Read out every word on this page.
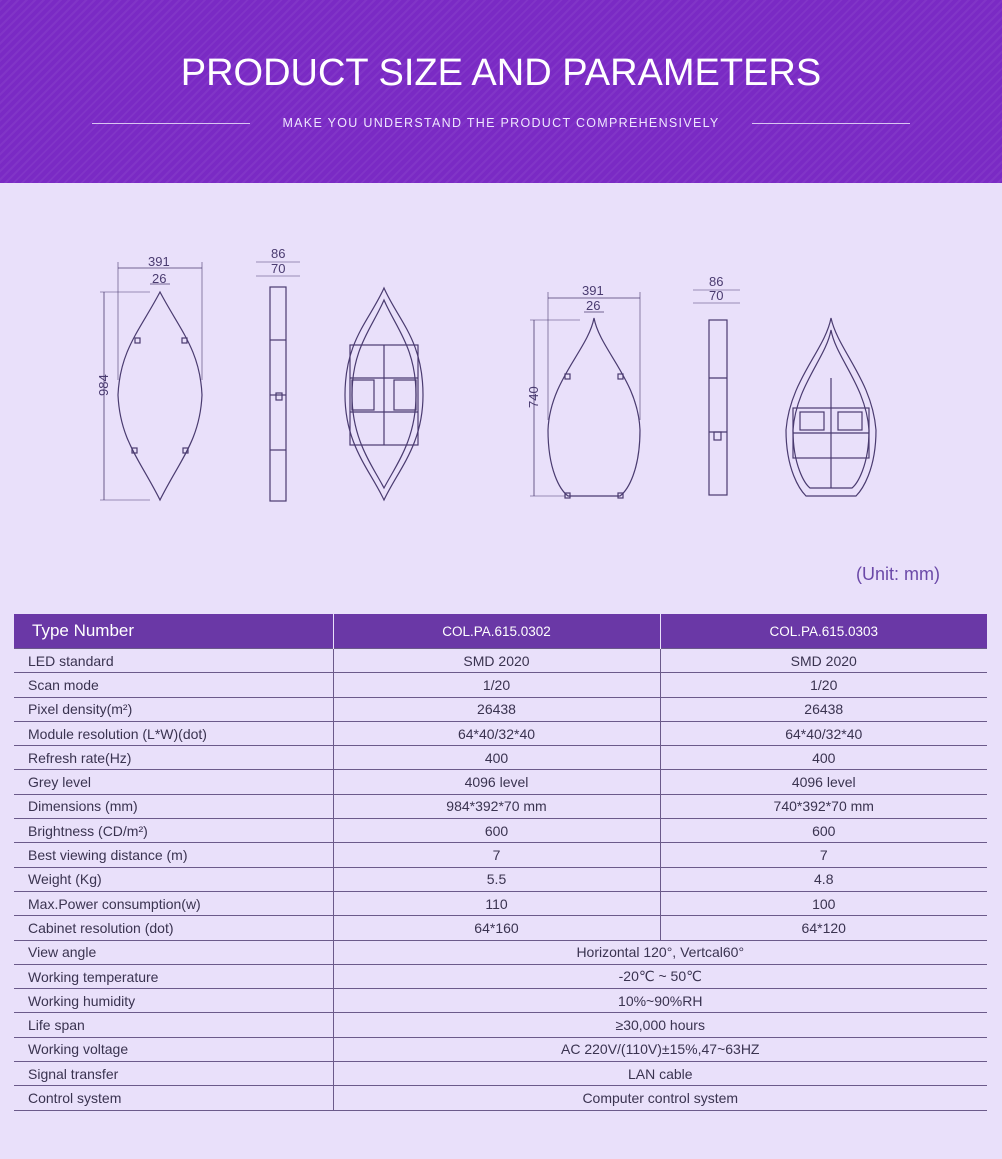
PRODUCT SIZE AND PARAMETERS
MAKE YOU UNDERSTAND THE PRODUCT COMPREHENSIVELY
391
26
984
86
70
391
26
740
86
70
(Unit: mm)
Type Number	COL.PA.615.0302	COL.PA.615.0303
LED standard	SMD 2020	SMD 2020
Scan mode	1/20	1/20
Pixel density(m²)	26438	26438
Module resolution (L*W)(dot)	64*40/32*40	64*40/32*40
Refresh rate(Hz)	400	400
Grey level	4096 level	4096 level
Dimensions (mm)	984*392*70 mm	740*392*70 mm
Brightness (CD/m²)	600	600
Best viewing distance (m)	7	7
Weight (Kg)	5.5	4.8
Max.Power consumption(w)	110	100
Cabinet resolution (dot)	64*160	64*120
View angle	Horizontal 120°, Vertcal60°	
Working temperature	-20℃ ~ 50℃	
Working humidity	10%~90%RH	
Life span	≥30,000 hours	
Working voltage	AC 220V/(110V)±15%,47~63HZ	
Signal transfer	LAN cable	
Control system	Computer control system	
